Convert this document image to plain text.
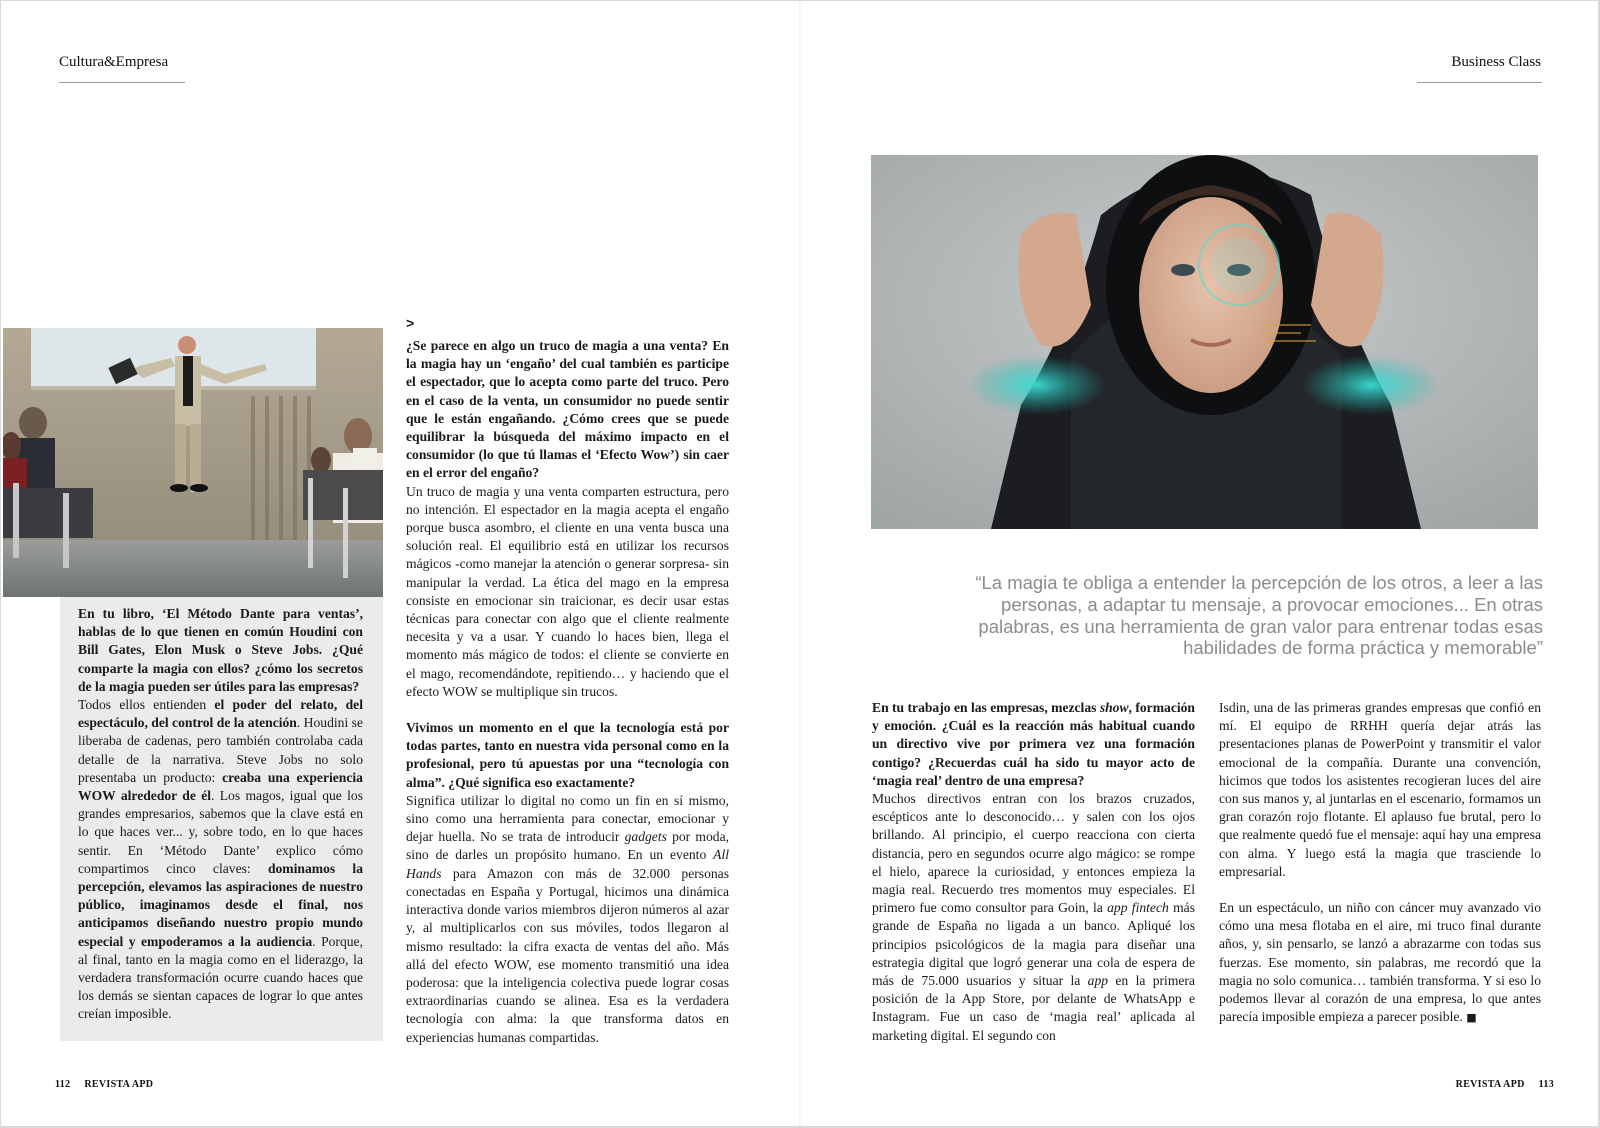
Cultura&Empresa	Business Class

En tu libro, ‘El Método Dante para ventas’, hablas de lo que tienen en común Houdini con Bill Gates, Elon Musk o Steve Jobs. ¿Qué comparte la magia con ellos? ¿cómo los secretos de la magia pueden ser útiles para las empresas?

Todos ellos entienden el poder del relato, del espectáculo, del control de la atención. Houdini se liberaba de cadenas, pero también controlaba cada detalle de la narrativa. Steve Jobs no solo presentaba un producto: creaba una experiencia WOW alrededor de él. Los magos, igual que los grandes empresarios, sabemos que la clave está en lo que haces ver... y, sobre todo, en lo que haces sentir. En ‘Método Dante’ explico cómo compartimos cinco claves: dominamos la percepción, elevamos las aspiraciones de nuestro público, imaginamos desde el final, nos anticipamos diseñando nuestro propio mundo especial y empoderamos a la audiencia. Porque, al final, tanto en la magia como en el liderazgo, la verdadera transformación ocurre cuando haces que los demás se sientan capaces de lograr lo que antes creían imposible.

>

¿Se parece en algo un truco de magia a una venta? En la magia hay un ‘engaño’ del cual también es participe el espectador, que lo acepta como parte del truco. Pero en el caso de la venta, un consumidor no puede sentir que le están engañando. ¿Cómo crees que se puede equilibrar la búsqueda del máximo impacto en el consumidor (lo que tú llamas el ‘Efecto Wow’) sin caer en el error del engaño?

Un truco de magia y una venta comparten estructura, pero no intención. El espectador en la magia acepta el engaño porque busca asombro, el cliente en una venta busca una solución real. El equilibrio está en utilizar los recursos mágicos -como manejar la atención o generar sorpresa- sin manipular la verdad. La ética del mago en la empresa consiste en emocionar sin traicionar, es decir usar estas técnicas para conectar con algo que el cliente realmente necesita y va a usar. Y cuando lo haces bien, llega el momento más mágico de todos: el cliente se convierte en el mago, recomendándote, repitiendo… y haciendo que el efecto WOW se multiplique sin trucos.

Vivimos un momento en el que la tecnología está por todas partes, tanto en nuestra vida personal como en la profesional, pero tú apuestas por una “tecnología con alma”. ¿Qué significa eso exactamente?

Significa utilizar lo digital no como un fin en sí mismo, sino como una herramienta para conectar, emocionar y dejar huella. No se trata de introducir gadgets por moda, sino de darles un propósito humano. En un evento All Hands para Amazon con más de 32.000 personas conectadas en España y Portugal, hicimos una dinámica interactiva donde varios miembros dijeron números al azar y, al multiplicarlos con sus móviles, todos llegaron al mismo resultado: la cifra exacta de ventas del año. Más allá del efecto WOW, ese momento transmitió una idea poderosa: que la inteligencia colectiva puede lograr cosas extraordinarias cuando se alinea. Esa es la verdadera tecnología con alma: la que transforma datos en experiencias humanas compartidas.

“La magia te obliga a entender la percepción de los otros, a leer a las personas, a adaptar tu mensaje, a provocar emociones... En otras palabras, es una herramienta de gran valor para entrenar todas esas habilidades de forma práctica y memorable”

En tu trabajo en las empresas, mezclas show, formación y emoción. ¿Cuál es la reacción más habitual cuando un directivo vive por primera vez una formación contigo? ¿Recuerdas cuál ha sido tu mayor acto de ‘magia real’ dentro de una empresa?

Muchos directivos entran con los brazos cruzados, escépticos ante lo desconocido… y salen con los ojos brillando. Al principio, el cuerpo reacciona con cierta distancia, pero en segundos ocurre algo mágico: se rompe el hielo, aparece la curiosidad, y entonces empieza la magia real. Recuerdo tres momentos muy especiales. El primero fue como consultor para Goin, la app fintech más grande de España no ligada a un banco. Apliqué los principios psicológicos de la magia para diseñar una estrategia digital que logró generar una cola de espera de más de 75.000 usuarios y situar la app en la primera posición de la App Store, por delante de WhatsApp e Instagram. Fue un caso de ‘magia real’ aplicada al marketing digital. El segundo con

Isdin, una de las primeras grandes empresas que confió en mí. El equipo de RRHH quería dejar atrás las presentaciones planas de PowerPoint y transmitir el valor emocional de la compañía. Durante una convención, hicimos que todos los asistentes recogieran luces del aire con sus manos y, al juntarlas en el escenario, formamos un gran corazón rojo flotante. El aplauso fue brutal, pero lo que realmente quedó fue el mensaje: aquí hay una empresa con alma. Y luego está la magia que trasciende lo empresarial.

En un espectáculo, un niño con cáncer muy avanzado vio cómo una mesa flotaba en el aire, mi truco final durante años, y, sin pensarlo, se lanzó a abrazarme con todas sus fuerzas. Ese momento, sin palabras, me recordó que la magia no solo comunica… también transforma. Y si eso lo podemos llevar al corazón de una empresa, lo que antes parecía imposible empieza a parecer posible. ■

112 REVISTA APD	REVISTA APD 113
